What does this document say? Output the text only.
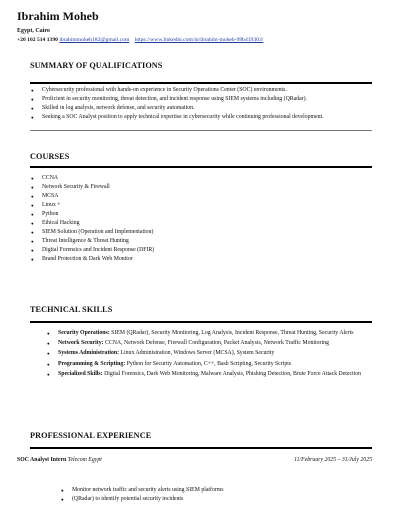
Ibrahim Moheb
Egypt, Cairo
+20 102 514 1390 ibrahimmoheb182@gmail.com https://www.linkedin.com/in/ibrahim-moheb-99b419303/
SUMMARY OF QUALIFICATIONS
● Cybersecurity professional with hands-on experience in Security Operations Center (SOC) environments.
● Proficient in security monitoring, threat detection, and incident response using SIEM systems including (QRadar).
● Skilled in log analysis, network defense, and security automation.
● Seeking a SOC Analyst position to apply technical expertise in cybersecurity while continuing professional development.
COURSES
● CCNA
● Network Security & Firewall
● MCSA
● Linux +
● Python
● Ethical Hacking
● SIEM Solution (Operation and Implementation)
● Threat Intelligence & Threat Hunting
● Digital Forensics and Incident Response (DFIR)
● Brand Protection & Dark Web Monitor
TECHNICAL SKILLS
● Security Operations: SIEM (QRadar), Security Monitoring, Log Analysis, Incident Response, Threat Hunting, Security Alerts
● Network Security: CCNA, Network Defense, Firewall Configuration, Packet Analysis, Network Traffic Monitoring
● Systems Administration: Linux Administration, Windows Server (MCSA), System Security
● Programming & Scripting: Python for Security Automation, C++, Bash Scripting, Security Scripts
● Specialized Skills: Digital Forensics, Dark Web Monitoring, Malware Analysis, Phishing Detection, Brute Force Attack Detection
PROFESSIONAL EXPERIENCE
SOC Analyst Intern Telecom Egypt	11/February 2025 – 31/July 2025
● Monitor network traffic and security alerts using SIEM platforms
● (QRadar) to identify potential security incidents
